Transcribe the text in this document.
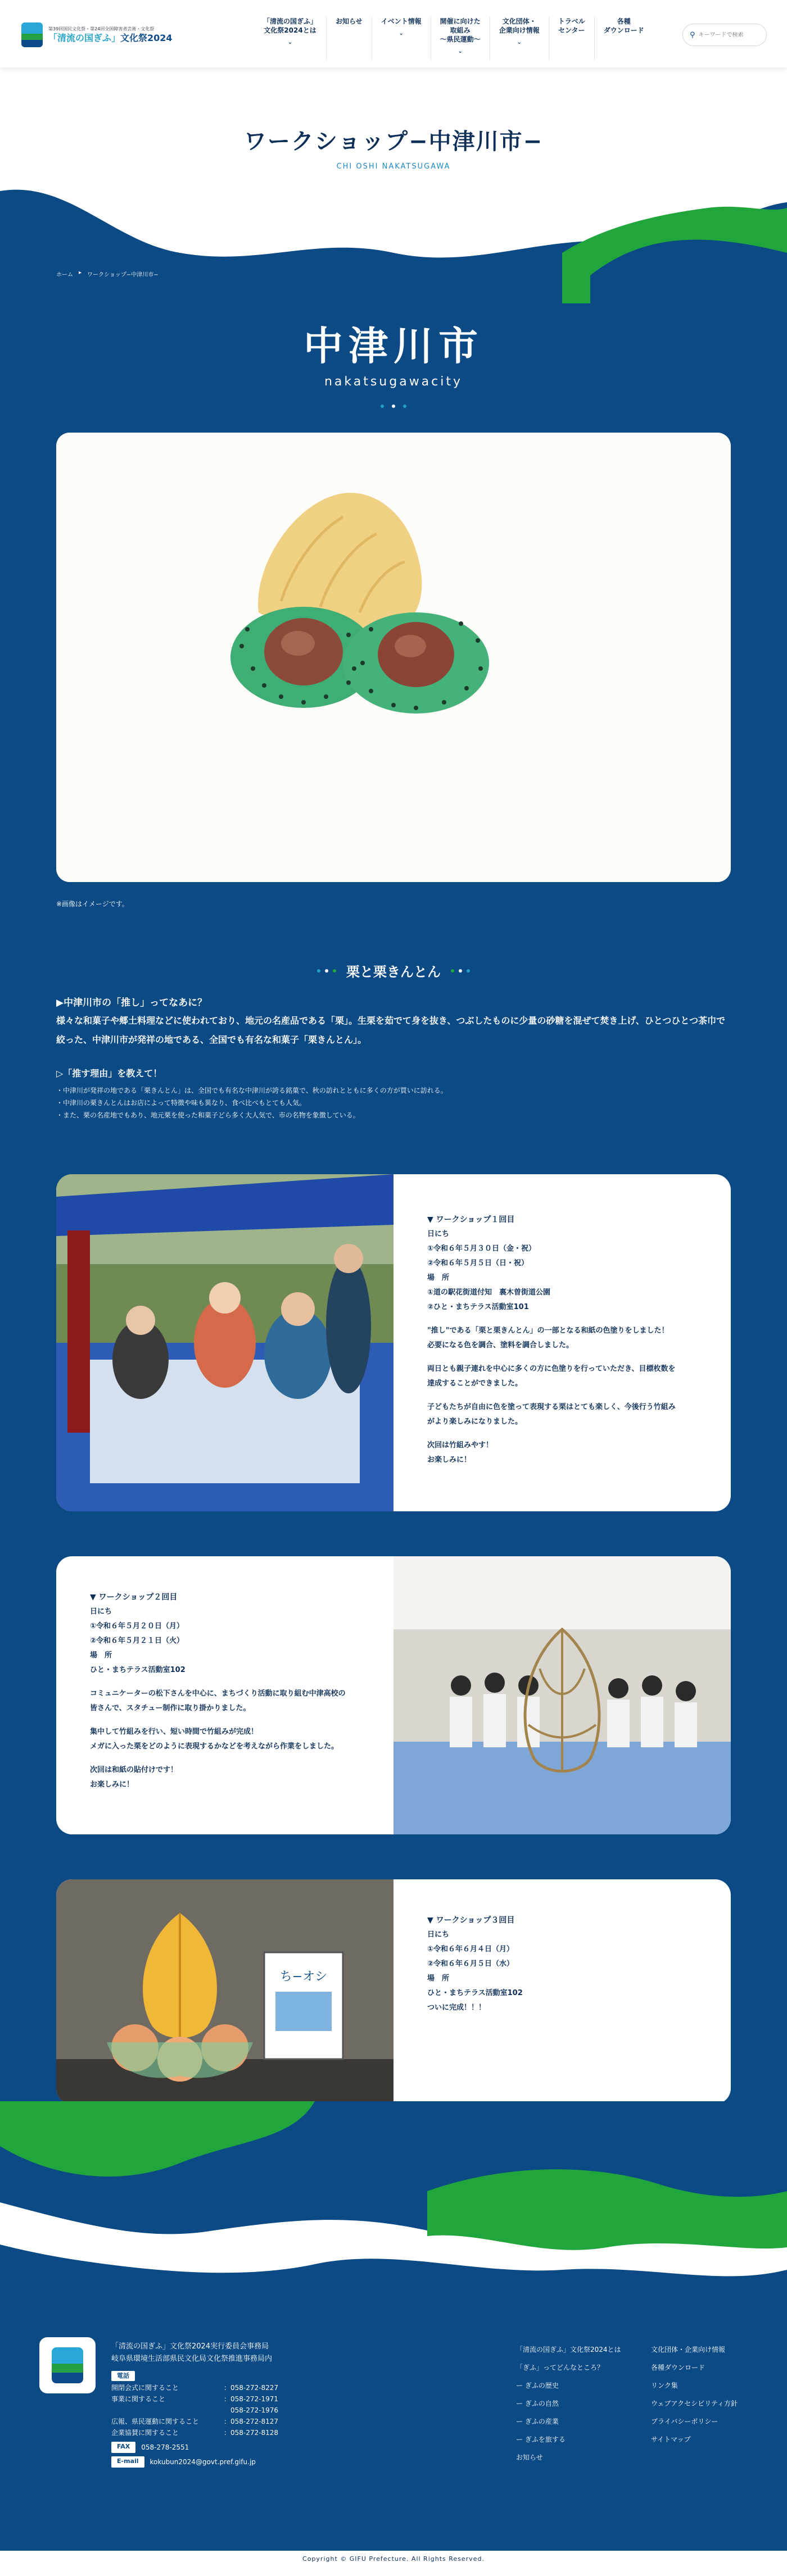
第39回国民文化祭・第24回全国障害者芸術・文化祭
「清流の国ぎふ」文化祭2024
「清流の国ぎふ」
文化祭2024とは
⌄
お知らせ	イベント情報
⌄
開催に向けた
取組み
～県民運動～
⌄
文化団体・
企業向け情報
⌄
トラベル
センター
各種
ダウンロード
⚲
キーワードで検索
ワークショップ−中津川市−
CHI OSHI NAKATSUGAWA
ホーム ▸ ワークショップ−中津川市−
中津川市
nakatsugawacity
※画像はイメージです。
栗と栗きんとん
▶中津川市の「推し」ってなあに？

様々な和菓子や郷土料理などに使われており、地元の名産品である「栗」。生栗を茹でて身を抜き、つぶしたものに少量の砂糖を混ぜて焚き上げ、ひとつひとつ茶巾で絞った、中津川市が発祥の地である、全国でも有名な和菓子「栗きんとん」。

▷「推す理由」を教えて！
・中津川が発祥の地である「栗きんとん」は、全国でも有名な中津川が誇る銘菓で、秋の訪れとともに多くの方が買いに訪れる。
・中津川の栗きんとんはお店によって特徴や味も異なり、食べ比べもとても人気。
・また、栗の名産地でもあり、地元栗を使った和菓子どら多く大人気で、市の名物を象徴している。
▼ ワークショップ１回目
日にち
①令和６年５月３０日（金・祝）
②令和６年５月５日（日・祝）
場　所
①道の駅花街道付知　裏木曽街道公園
②ひと・まちテラス活動室101
"推し"である「栗と栗きんとん」の一部となる和紙の色塗りをしました！
必要になる色を調合、塗料を調合しました。
両日とも親子連れを中心に多くの方に色塗りを行っていただき、目標枚数を
達成することができました。
子どもたちが自由に色を塗って表現する栗はとても楽しく、今後行う竹組み
がより楽しみになりました。
次回は竹組みやす！
お楽しみに！
▼ ワークショップ２回目
日にち
①令和６年５月２０日（月）
②令和６年５月２１日（火）
場　所
ひと・まちテラス活動室102
コミュニケーターの松下さんを中心に、まちづくり活動に取り組む中津高校の
皆さんで、スタチュー制作に取り掛かりました。
集中して竹組みを行い、短い時間で竹組みが完成！
メガに入った栗をどのように表現するかなどを考えながら作業をしました。
次回は和紙の貼付けです！
お楽しみに！
ち−オシ
▼ ワークショップ３回目
日にち
①令和６年６月４日（月）
②令和６年６月５日（水）
場　所
ひと・まちテラス活動室102
ついに完成！！！
「清流の国ぎふ」文化祭2024実行委員会事務局
岐阜県環境生活部県民文化局文化祭推進事務局内
電話
開閉会式に関すること	：058-272-8227
事業に関すること	：058-272-1971
　058-272-1976
広報、県民運動に関すること	：058-272-8127
企業協賛に関すること	：058-272-8128
FAX	058-278-2551
E-mail	kokubun2024@govt.pref.gifu.jp
「清流の国ぎふ」文化祭2024とは
「ぎふ」ってどんなところ？
ー ぎふの歴史
ー ぎふの自然
ー ぎふの産業
ー ぎふを旅する
お知らせ
文化団体・企業向け情報
各種ダウンロード
リンク集
ウェブアクセシビリティ方針
プライバシーポリシー
サイトマップ
Copyright © GIFU Prefecture. All Rights Reserved.
